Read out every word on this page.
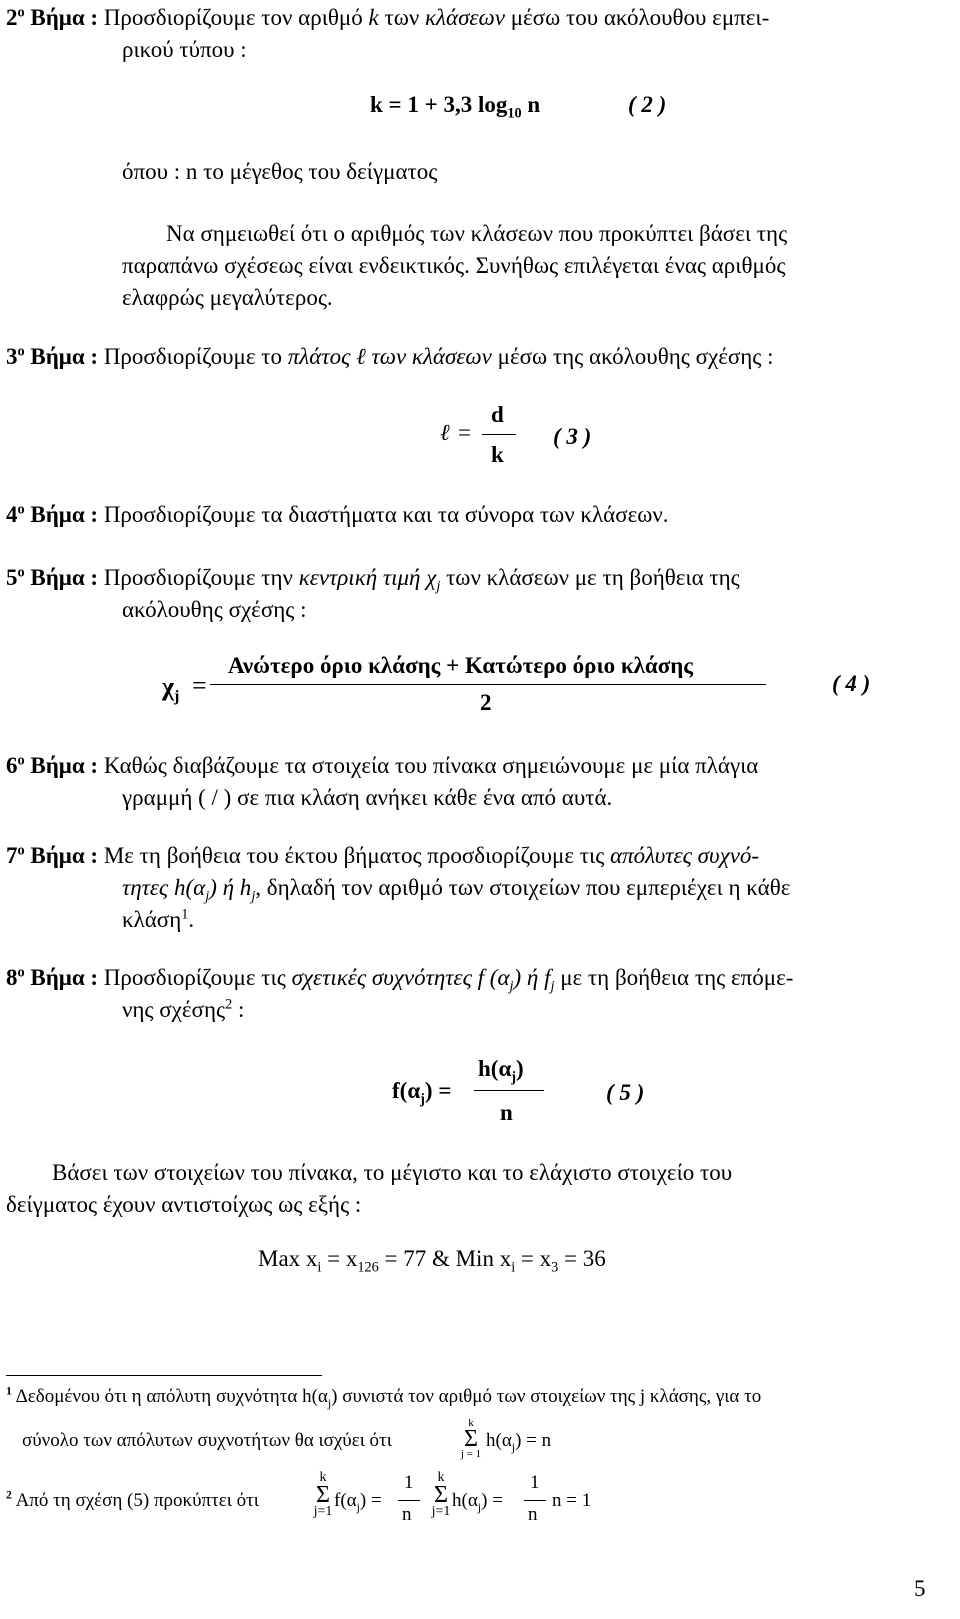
$2^o$ Βήμα : Προσδιορίζουμε τον αριθμό k των κλάσεων μέσω του ακόλουθου εμπει-
ρικού τύπου :
k = 1 + 3,3 $\log_{10} n$	( 2 )
όπου : n το μέγεθος του δείγματος
Να σημειωθεί ότι ο αριθμός των κλάσεων που προκύπτει βάσει της
παραπάνω σχέσεως είναι ενδεικτικός. Συνήθως επιλέγεται ένας αριθμός
ελαφρώς μεγαλύτερος.
$3^o$ Βήμα : Προσδιορίζουμε το πλάτος ℓ των κλάσεων μέσω της ακόλουθης σχέσης :
ℓ =
d
k
( 3 )
$4^o$ Βήμα : Προσδιορίζουμε τα διαστήματα και τα σύνορα των κλάσεων.
$5^o$ Βήμα : Προσδιορίζουμε την κεντρική τιμή $\chi_j$ των κλάσεων με τη βοήθεια της
ακόλουθης σχέσης :
$\chi_j$ =
Ανώτερο όριο κλάσης + Κατώτερο όριο κλάσης
2
( 4 )
$6^o$ Βήμα : Καθώς διαβάζουμε τα στοιχεία του πίνακα σημειώνουμε με μία πλάγια
γραμμή ( / ) σε πια κλάση ανήκει κάθε ένα από αυτά.
$7^o$ Βήμα : Με τη βοήθεια του έκτου βήματος προσδιορίζουμε τις απόλυτες συχνό-
τητες $h(\alpha_j)$ ή $h_j$, δηλαδή τον αριθμό των στοιχείων που εμπεριέχει η κάθε
κλάση$^1$.
$8^o$ Βήμα : Προσδιορίζουμε τις σχετικές συχνότητες f $(\alpha_j)$ ή $f_j$ με τη βοήθεια της επόμε-
νης σχέσης$^2$ :
$f(\alpha_j)$ =
$h(\alpha_j)$
n
( 5 )
Βάσει των στοιχείων του πίνακα, το μέγιστο και το ελάχιστο στοιχείο του
δείγματος έχουν αντιστοίχως ως εξής :
Max $x_i = x_{126} = 77$ & Min $x_i = x_3 = 36$
$^1$ Δεδομένου ότι η απόλυτη συχνότητα $h(\alpha_j)$ συνιστά τον αριθμό των στοιχείων της j κλάσης, για το
σύνολο των απόλυτων συχνοτήτων θα ισχύει ότι
k
Σ
j = 1
$h(\alpha_j) = n$
$^2$ Από τη σχέση (5) προκύπτει ότι
k
Σ
j=1
$f(\alpha_j)$ =
1
n
k
Σ
j=1
$h(\alpha_j)$ =
1
n
n = 1
5
